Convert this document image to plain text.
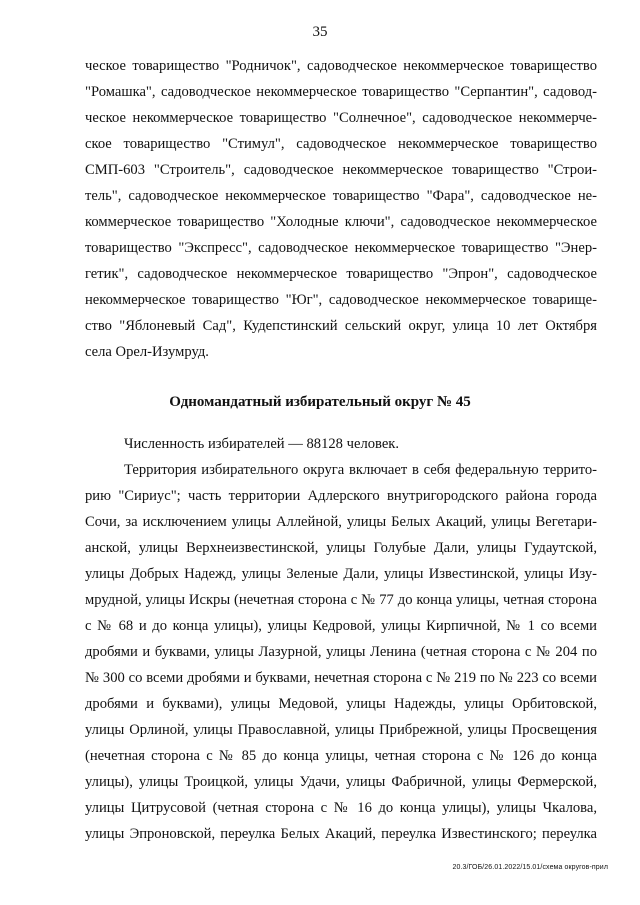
35
ческое товарищество "Родничок", садоводческое некоммерческое товарищество
"Ромашка", садоводческое некоммерческое товарищество "Серпантин", садовод-
ческое некоммерческое товарищество "Солнечное", садоводческое некоммерче-
ское товарищество "Стимул", садоводческое некоммерческое товарищество
СМП-603 "Строитель", садоводческое некоммерческое товарищество "Строи-
тель", садоводческое некоммерческое товарищество "Фара", садоводческое не-
коммерческое товарищество "Холодные ключи", садоводческое некоммерческое
товарищество "Экспресс", садоводческое некоммерческое товарищество "Энер-
гетик", садоводческое некоммерческое товарищество "Эпрон", садоводческое
некоммерческое товарищество "Юг", садоводческое некоммерческое товарище-
ство "Яблоневый Сад", Кудепстинский сельский округ, улица 10 лет Октября
села Орел-Изумруд.
Одномандатный избирательный округ № 45
Численность избирателей — 88128 человек.
Территория избирательного округа включает в себя федеральную террито-
рию "Сириус"; часть территории Адлерского внутригородского района города
Сочи, за исключением улицы Аллейной, улицы Белых Акаций, улицы Вегетари-
анской, улицы Верхнеизвестинской, улицы Голубые Дали, улицы Гудаутской,
улицы Добрых Надежд, улицы Зеленые Дали, улицы Известинской, улицы Изу-
мрудной, улицы Искры (нечетная сторона с № 77 до конца улицы, четная сторона
с № 68 и до конца улицы), улицы Кедровой, улицы Кирпичной, № 1 со всеми
дробями и буквами, улицы Лазурной, улицы Ленина (четная сторона с № 204 по
№ 300 со всеми дробями и буквами, нечетная сторона с № 219 по № 223 со всеми
дробями и буквами), улицы Медовой, улицы Надежды, улицы Орбитовской,
улицы Орлиной, улицы Православной, улицы Прибрежной, улицы Просвещения
(нечетная сторона с № 85 до конца улицы, четная сторона с № 126 до конца
улицы), улицы Троицкой, улицы Удачи, улицы Фабричной, улицы Фермерской,
улицы Цитрусовой (четная сторона с № 16 до конца улицы), улицы Чкалова,
улицы Эпроновской, переулка Белых Акаций, переулка Известинского; переулка
20.3/ГОБ/26.01.2022/15.01/схема округов-прил
